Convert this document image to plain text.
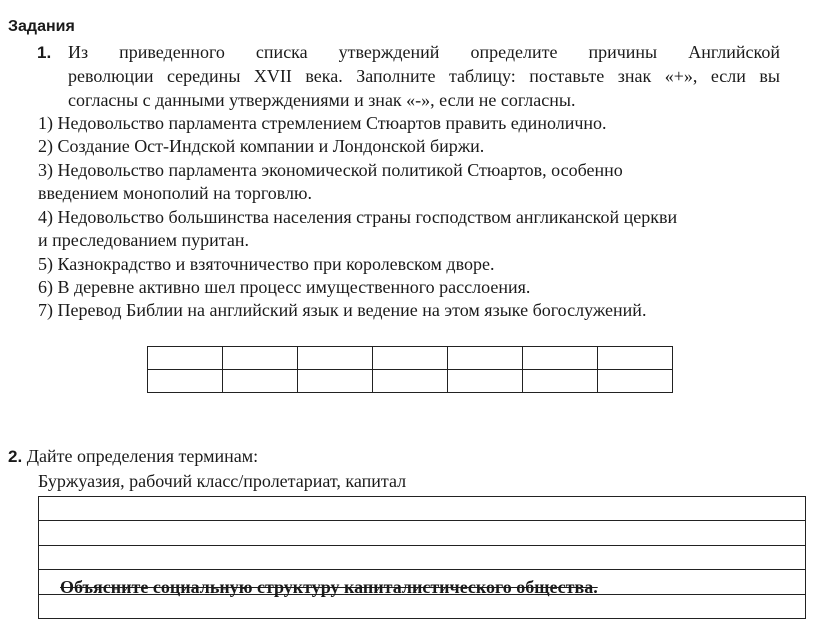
Задания
1. Из приведенного списка утверждений определите причины Английской
революции середины XVII века. Заполните таблицу: поставьте знак «+», если вы
согласны с данными утверждениями и знак «-», если не согласны.
1) Недовольство парламента стремлением Стюартов править единолично.
2) Создание Ост-Индской компании и Лондонской биржи.
3) Недовольство парламента экономической политикой Стюартов, особенно
введением монополий на торговлю.
4) Недовольство большинства населения страны господством англиканской церкви
и преследованием пуритан.
5) Казнокрадство и взяточничество при королевском дворе.
6) В деревне активно шел процесс имущественного расслоения.
7) Перевод Библии на английский язык и ведение на этом языке богослужений.

2. Дайте определения терминам:
Буржуазия, рабочий класс/пролетариат, капитал
Объясните социальную структуру капиталистического общества.
